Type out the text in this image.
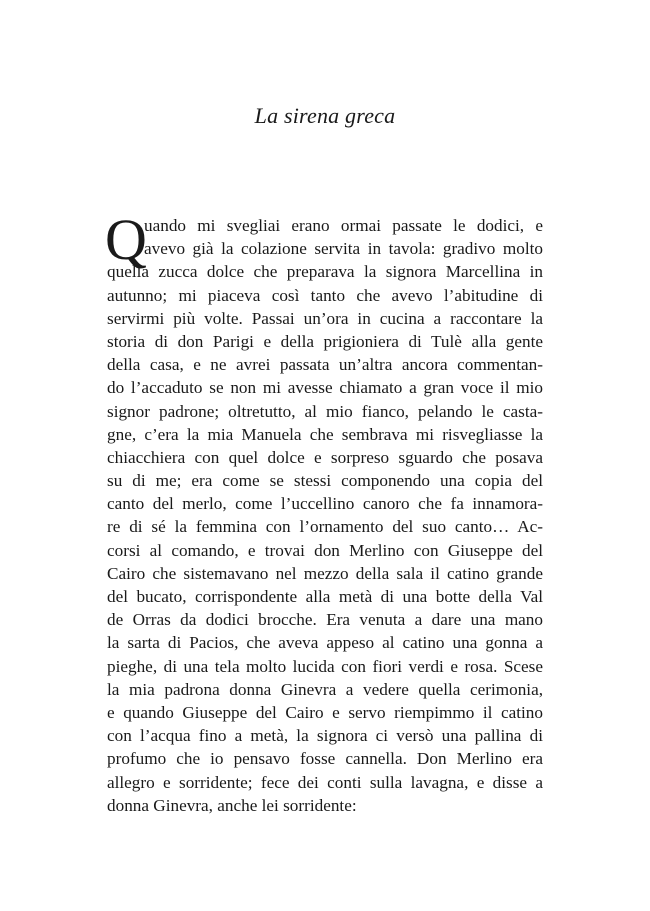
La sirena greca
Q
uando mi svegliai erano ormai passate le dodici, e
avevo già la colazione servita in tavola: gradivo molto
quella zucca dolce che preparava la signora Marcellina in
autunno; mi piaceva così tanto che avevo l’abitudine di
servirmi più volte. Passai un’ora in cucina a raccontare la
storia di don Parigi e della prigioniera di Tulè alla gente
della casa, e ne avrei passata un’altra ancora commentan-
do l’accaduto se non mi avesse chiamato a gran voce il mio
signor padrone; oltretutto, al mio fianco, pelando le casta-
gne, c’era la mia Manuela che sembrava mi risvegliasse la
chiacchiera con quel dolce e sorpreso sguardo che posava
su di me; era come se stessi componendo una copia del
canto del merlo, come l’uccellino canoro che fa innamora-
re di sé la femmina con l’ornamento del suo canto… Ac-
corsi al comando, e trovai don Merlino con Giuseppe del
Cairo che sistemavano nel mezzo della sala il catino grande
del bucato, corrispondente alla metà di una botte della Val
de Orras da dodici brocche. Era venuta a dare una mano
la sarta di Pacios, che aveva appeso al catino una gonna a
pieghe, di una tela molto lucida con fiori verdi e rosa. Scese
la mia padrona donna Ginevra a vedere quella cerimonia,
e quando Giuseppe del Cairo e servo riempimmo il catino
con l’acqua fino a metà, la signora ci versò una pallina di
profumo che io pensavo fosse cannella. Don Merlino era
allegro e sorridente; fece dei conti sulla lavagna, e disse a
donna Ginevra, anche lei sorridente:
